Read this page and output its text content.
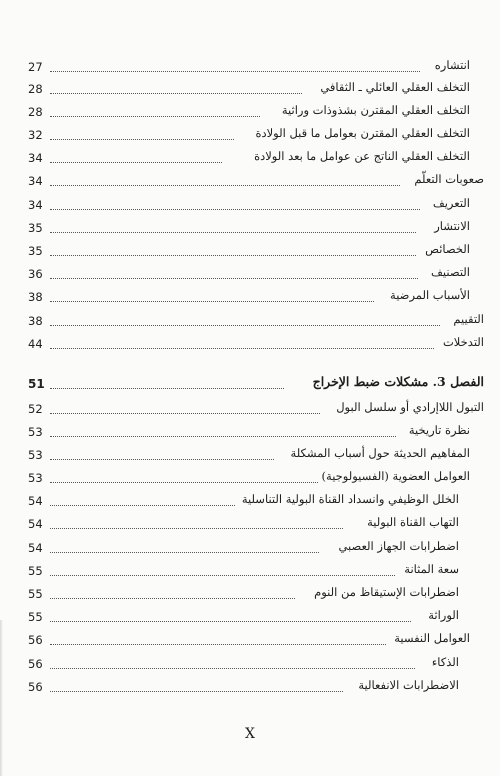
27	انتشاره
28	التخلف العقلي العائلي ـ الثقافي
28	التخلف العقلي المقترن بشذوذات وراثية
32	التخلف العقلي المقترن بعوامل ما قبل الولادة
34	التخلف العقلي الناتج عن عوامل ما بعد الولادة
34	صعوبات التعلّم
34	التعريف
35	الانتشار
35	الخصائص
36	التصنيف
38	الأسباب المرضية
38	التقييم
44	التدخلات
51	الفصل 3. مشكلات ضبط الإخراج
52	التبول اللاإرادي أو سلسل البول
53	نظرة تاريخية
53	المفاهيم الحديثة حول أسباب المشكلة
53	العوامل العضوية (الفسيولوجية)
54	الخلل الوظيفي وانسداد القناة البولية التناسلية
54	التهاب القناة البولية
54	اضطرابات الجهاز العصبي
55	سعة المثانة
55	اضطرابات الإستيقاظ من النوم
55	الوراثة
56	العوامل النفسية
56	الذكاء
56	الاضطرابات الانفعالية
X
